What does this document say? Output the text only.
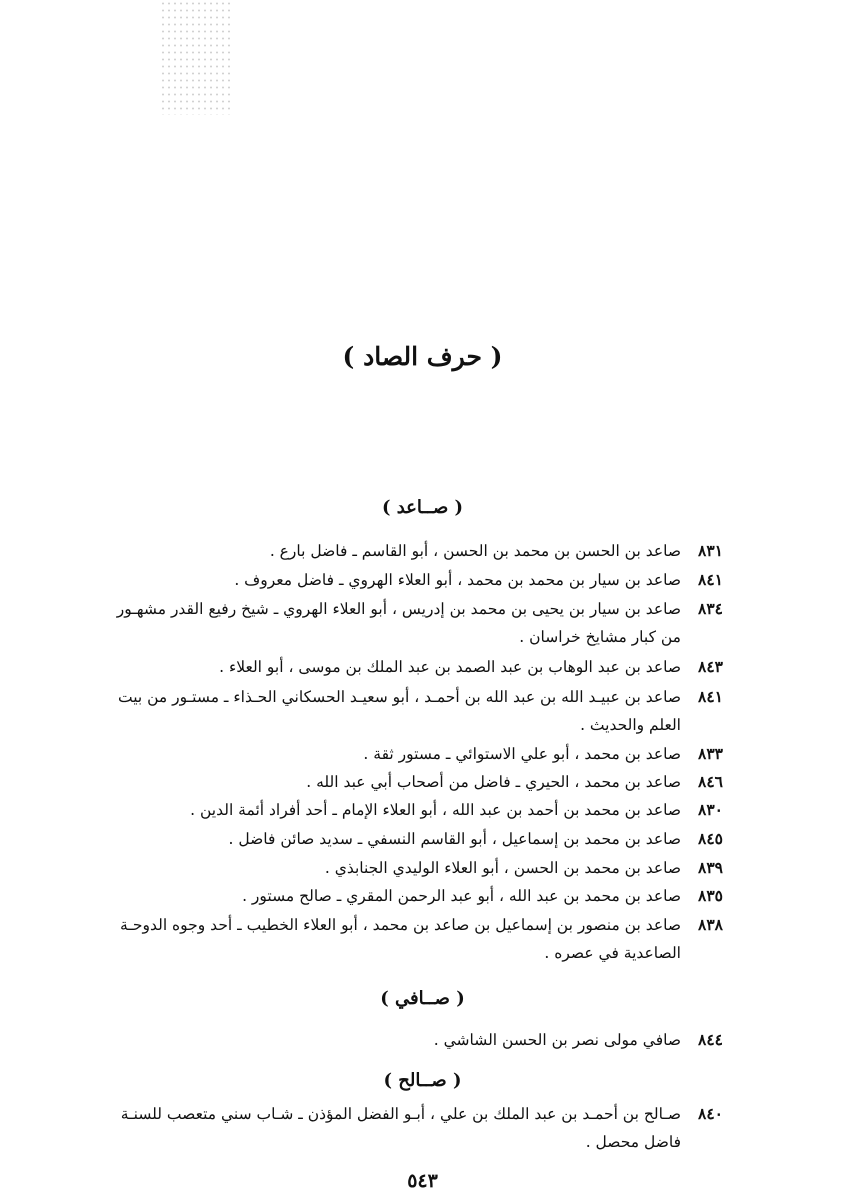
( حرف الصاد )
( صــاعد )
٨٣١صاعد بن الحسن بن محمد بن الحسن ، أبو القاسم ـ فاضل بارع .
٨٤١صاعد بن سيار بن محمد بن محمد ، أبو العلاء الهروي ـ فاضل معروف .
٨٣٤صاعد بن سيار بن يحيى بن محمد بن إدريس ، أبو العلاء الهروي ـ شيخ رفيع القدر مشهـور
من كبار مشايخ خراسان .
٨٤٣صاعد بن عبد الوهاب بن عبد الصمد بن عبد الملك بن موسى ، أبو العلاء .
٨٤١صاعد بن عبيـد الله بن عبد الله بن أحمـد ، أبو سعيـد الحسكاني الحـذاء ـ مستـور من بيت
العلم والحديث .
٨٣٣صاعد بن محمد ، أبو علي الاستوائي ـ مستور ثقة .
٨٤٦صاعد بن محمد ، الحيري ـ فاضل من أصحاب أبي عبد الله .
٨٣٠صاعد بن محمد بن أحمد بن عبد الله ، أبو العلاء الإمام ـ أحد أفراد أئمة الدين .
٨٤٥صاعد بن محمد بن إسماعيل ، أبو القاسم النسفي ـ سديد صائن فاضل .
٨٣٩صاعد بن محمد بن الحسن ، أبو العلاء الوليدي الجنابذي .
٨٣٥صاعد بن محمد بن عبد الله ، أبو عبد الرحمن المقري ـ صالح مستور .
٨٣٨صاعد بن منصور بن إسماعيل بن صاعد بن محمد ، أبو العلاء الخطيب ـ أحد وجوه الدوحـة
الصاعدية في عصره .
( صــافي )
٨٤٤صافي مولى نصر بن الحسن الشاشي .
( صــالح )
٨٤٠صـالح بن أحمـد بن عبد الملك بن علي ، أبـو الفضل المؤذن ـ شـاب سني متعصب للسنـة
فاضل محصل .
٥٤٣
